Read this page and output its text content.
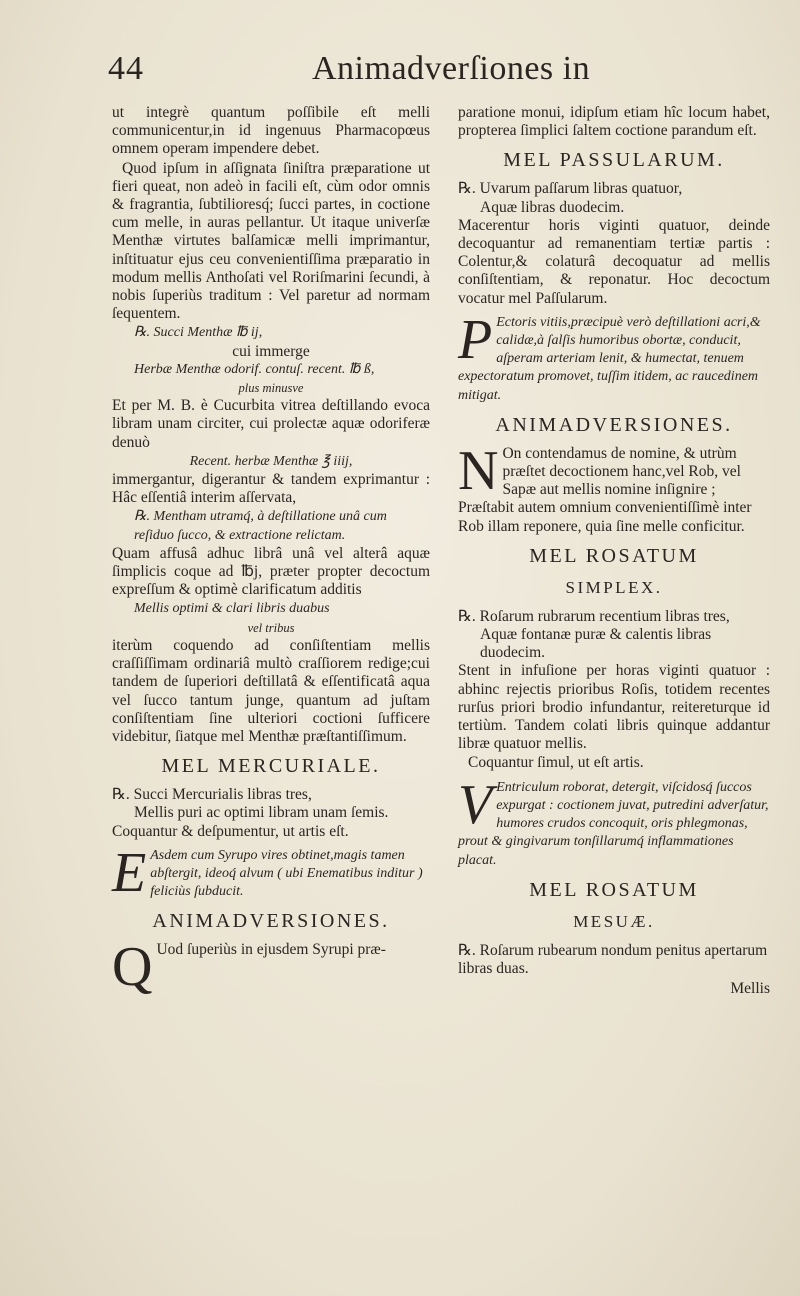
44	Animadverſiones in

ut integrè quantum poſſibile eſt melli communicentur,in id ingenuus Pharmacopœus omnem operam impendere debet.

Quod ipſum in aſſignata ſiniſtra præparatione ut fieri queat, non adeò in facili eſt, cùm odor omnis & fragrantia, ſubtilioresq́; ſucci partes, in coctione cum melle, in auras pellantur. Ut itaque univerſæ Menthæ virtutes balſamicæ melli imprimantur, inſtituatur ejus ceu convenientiſſima præparatio in modum mellis Anthoſati vel Roriſmarini ſecundi, à nobis ſuperiùs traditum : Vel paretur ad normam ſequentem.

℞. Succi Menthæ ℔ ij,
cui immerge
Herbæ Menthæ odorif. contuſ. recent. ℔ ß,
plus minusve

Et per M. B. è Cucurbita vitrea deſtillando evoca libram unam circiter, cui prolectæ aquæ odoriferæ denuò

Recent. herbæ Menthæ ℥ iiij,

immergantur, digerantur & tandem exprimantur : Hâc eſſentiâ interim aſſervata,

℞. Mentham utramq́, à deſtillatione unâ cum reſiduo ſucco, & extractione relictam.

Quam affusâ adhuc librâ unâ vel alterâ aquæ ſimplicis coque ad ℔j, præter propter decoctum expreſſum & optimè clarificatum additis

Mellis optimi & clari libris duabus
vel tribus

iterùm coquendo ad conſiſtentiam mellis craſſiſſimam ordinariâ multò craſſiorem redige;cui tandem de ſuperiori deſtillatâ & eſſentificatâ aqua vel ſucco tantum junge, quantum ad juſtam conſiſtentiam ſine ulteriori coctioni ſufficere videbitur, ſiatque mel Menthæ præſtantiſſimum.

MEL MERCURIALE.
℞. Succi Mercurialis libras tres,
Mellis puri ac optimi libram unam ſemis.

Coquantur & deſpumentur, ut artis eſt.

E Asdem cum Syrupo vires obtinet,magis tamen abſtergit, ideoq́ alvum ( ubi Enematibus inditur ) feliciùs ſubducit.
ANIMADVERSIONES.
Q Uod ſuperiùs in ejusdem Syrupi præ-

paratione monui, idipſum etiam hîc locum habet, propterea ſimplici ſaltem coctione parandum eſt.

MEL PASSULARUM.
℞. Uvarum paſſarum libras quatuor,
Aquæ libras duodecim.

Macerentur horis viginti quatuor, deinde decoquantur ad remanentiam tertiæ partis : Colentur,& colaturâ decoquatur ad mellis conſiſtentiam, & reponatur. Hoc decoctum vocatur mel Paſſularum.

P Ectoris vitiis,præcipuè verò deſtillationi acri,& calidæ,à ſalſis humoribus obortæ, conducit, aſperam arteriam lenit, & humectat, tenuem expectoratum promovet, tuſſim itidem, ac raucedinem mitigat.
ANIMADVERSIONES.
N On contendamus de nomine, & utrùm præſtet decoctionem hanc,vel Rob, vel Sapæ aut mellis nomine inſignire ; Præſtabit autem omnium convenientiſſimè inter Rob illam reponere, quia ſine melle conficitur.
MEL ROSATUM
SIMPLEX.
℞. Roſarum rubrarum recentium libras tres,
Aquæ fontanæ puræ & calentis libras duodecim.

Stent in infuſione per horas viginti quatuor : abhinc rejectis prioribus Roſis, totidem recentes rurſus priori brodio infundantur, reitereturque id tertiùm. Tandem colati libris quinque addantur libræ quatuor mellis.

Coquantur ſimul, ut eſt artis.

V Entriculum roborat, detergit, viſcidosq́ ſuccos expurgat : coctionem juvat, putredini adverſatur, humores crudos concoquit, oris phlegmonas, prout & gingivarum tonſillarumq́ inflammationes placat.
MEL ROSATUM
MESUÆ.
℞. Roſarum rubearum nondum penitus apertarum libras duas.
Mellis
